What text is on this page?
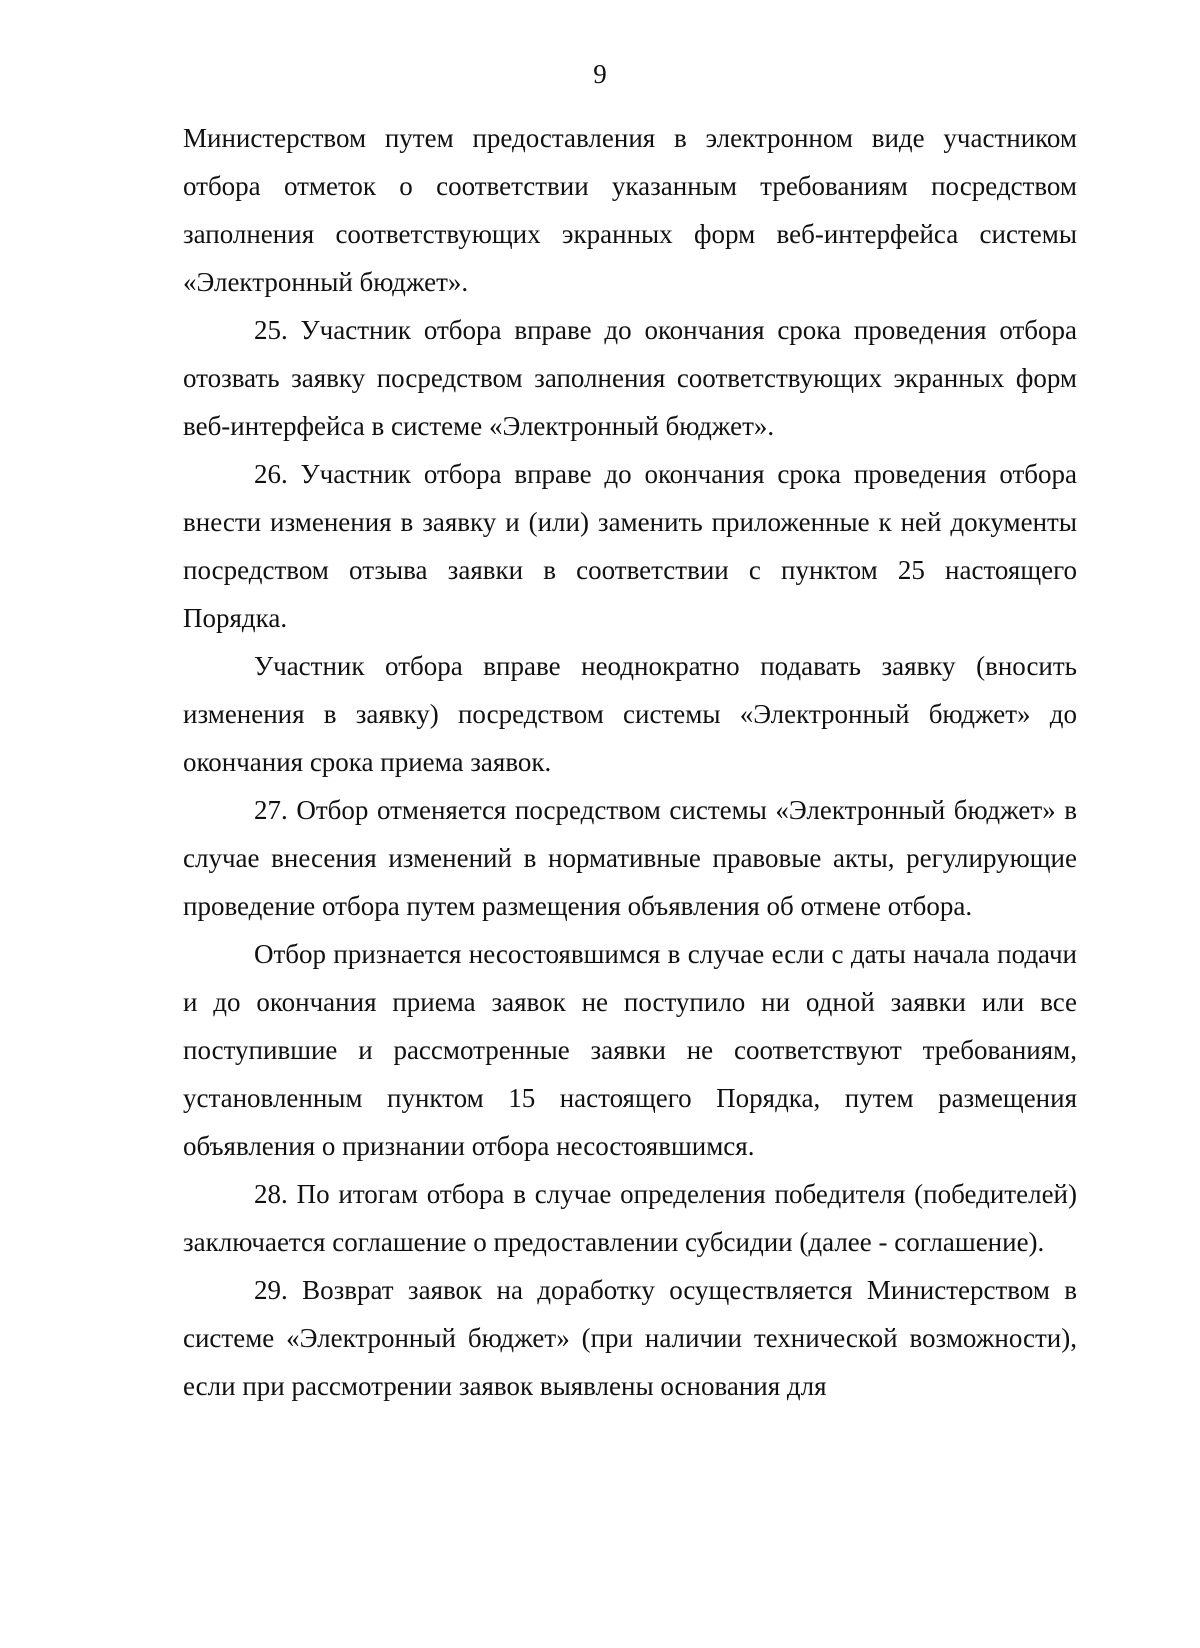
9

Министерством путем предоставления в электронном виде участником отбора отметок о соответствии указанным требованиям посредством заполнения соответствующих экранных форм веб-интерфейса системы «Электронный бюджет».

25. Участник отбора вправе до окончания срока проведения отбора отозвать заявку посредством заполнения соответствующих экранных форм веб-интерфейса в системе «Электронный бюджет».

26. Участник отбора вправе до окончания срока проведения отбора внести изменения в заявку и (или) заменить приложенные к ней документы посредством отзыва заявки в соответствии с пунктом 25 настоящего Порядка.

Участник отбора вправе неоднократно подавать заявку (вносить изменения в заявку) посредством системы «Электронный бюджет» до окончания срока приема заявок.

27. Отбор отменяется посредством системы «Электронный бюджет» в случае внесения изменений в нормативные правовые акты, регулирующие проведение отбора путем размещения объявления об отмене отбора.

Отбор признается несостоявшимся в случае если с даты начала подачи и до окончания приема заявок не поступило ни одной заявки или все поступившие и рассмотренные заявки не соответствуют требованиям, установленным пунктом 15 настоящего Порядка, путем размещения объявления о признании отбора несостоявшимся.

28. По итогам отбора в случае определения победителя (победителей) заключается соглашение о предоставлении субсидии (далее - соглашение).

29. Возврат заявок на доработку осуществляется Министерством в системе «Электронный бюджет» (при наличии технической возможности), если при рассмотрении заявок выявлены основания для
